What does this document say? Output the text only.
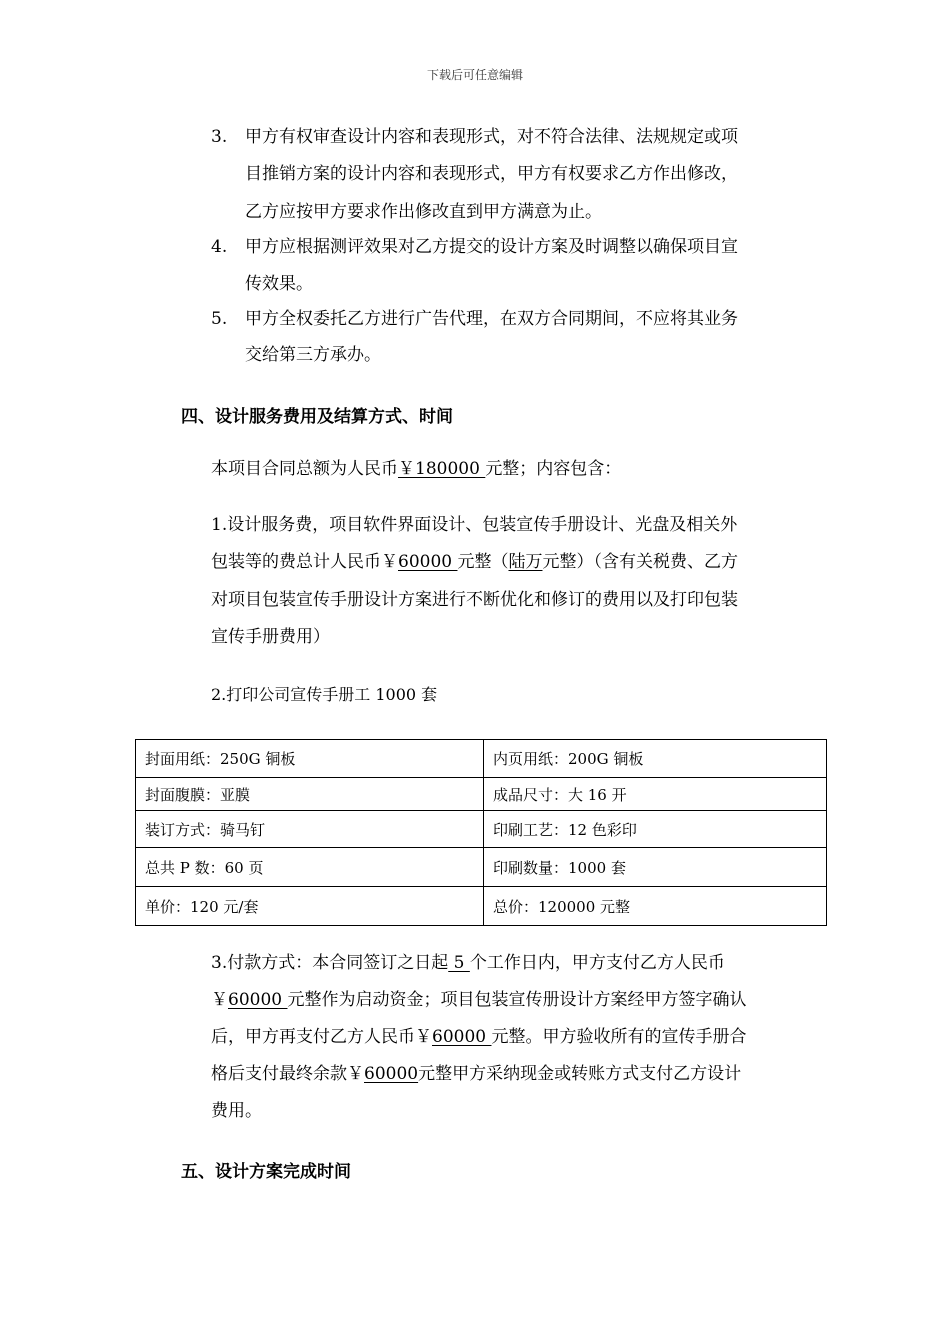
下载后可任意编辑
3. 甲方有权审查设计内容和表现形式，对不符合法律、法规规定或项
目推销方案的设计内容和表现形式，甲方有权要求乙方作出修改，
乙方应按甲方要求作出修改直到甲方满意为止。
4. 甲方应根据测评效果对乙方提交的设计方案及时调整以确保项目宣
传效果。
5. 甲方全权委托乙方进行广告代理，在双方合同期间，不应将其业务
交给第三方承办。
四、设计服务费用及结算方式、时间
本项目合同总额为人民币￥180000 元整；内容包含：
1.设计服务费，项目软件界面设计、包装宣传手册设计、光盘及相关外
包装等的费总计人民币￥60000 元整（陆万元整）（含有关税费、乙方
对项目包装宣传手册设计方案进行不断优化和修订的费用以及打印包装
宣传手册费用）
2.打印公司宣传手册工 1000 套
封面用纸：250G 铜板	内页用纸：200G 铜板
封面腹膜：亚膜	成品尺寸：大 16 开
装订方式：骑马钉	印刷工艺：12 色彩印
总共 P 数：60 页	印刷数量：1000 套
单价：120 元/套	总价：120000 元整
3.付款方式：本合同签订之日起 5 个工作日内，甲方支付乙方人民币
￥60000 元整作为启动资金；项目包装宣传册设计方案经甲方签字确认
后，甲方再支付乙方人民币￥60000 元整。甲方验收所有的宣传手册合
格后支付最终余款￥60000元整甲方采纳现金或转账方式支付乙方设计
费用。
五、设计方案完成时间
